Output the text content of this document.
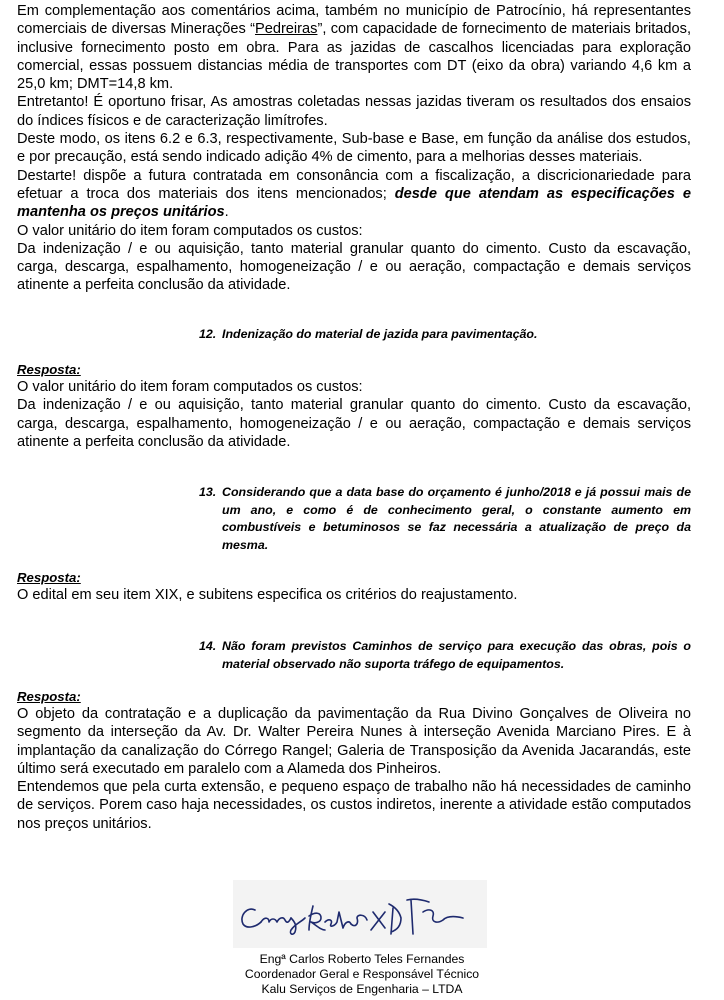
Em complementação aos comentários acima, também no município de Patrocínio, há representantes comerciais de diversas Minerações “Pedreiras”, com capacidade de fornecimento de materiais britados, inclusive fornecimento posto em obra. Para as jazidas de cascalhos licenciadas para exploração comercial, essas possuem distancias média de transportes com DT (eixo da obra) variando 4,6 km a 25,0 km; DMT=14,8 km.

Entretanto! É oportuno frisar, As amostras coletadas nessas jazidas tiveram os resultados dos ensaios do índices físicos e de caracterização limítrofes.

Deste modo, os itens 6.2 e 6.3, respectivamente, Sub-base e Base, em função da análise dos estudos, e por precaução, está sendo indicado adição 4% de cimento, para a melhorias desses materiais.

Destarte! dispõe a futura contratada em consonância com a fiscalização, a discricionariedade para efetuar a troca dos materiais dos itens mencionados; desde que atendam as especificações e mantenha os preços unitários.

O valor unitário do item foram computados os custos:

Da indenização / e ou aquisição, tanto material granular quanto do cimento. Custo da escavação, carga, descarga, espalhamento, homogeneização / e ou aeração, compactação e demais serviços atinente a perfeita conclusão da atividade.

12. Indenização do material de jazida para pavimentação.
Resposta:

O valor unitário do item foram computados os custos:

Da indenização / e ou aquisição, tanto material granular quanto do cimento. Custo da escavação, carga, descarga, espalhamento, homogeneização / e ou aeração, compactação e demais serviços atinente a perfeita conclusão da atividade.

13. Considerando que a data base do orçamento é junho/2018 e já possui mais de um ano, e como é de conhecimento geral, o constante aumento em combustíveis e betuminosos se faz necessária a atualização de preço da mesma.
Resposta:

O edital em seu item XIX, e subitens especifica os critérios do reajustamento.

14. Não foram previstos Caminhos de serviço para execução das obras, pois o material observado não suporta tráfego de equipamentos.
Resposta:

O objeto da contratação e a duplicação da pavimentação da Rua Divino Gonçalves de Oliveira no segmento da interseção da Av. Dr. Walter Pereira Nunes à interseção Avenida Marciano Pires. E à implantação da canalização do Córrego Rangel; Galeria de Transposição da Avenida Jacarandás, este último será executado em paralelo com a Alameda dos Pinheiros.

Entendemos que pela curta extensão, e pequeno espaço de trabalho não há necessidades de caminho de serviços. Porem caso haja necessidades, os custos indiretos, inerente a atividade estão computados nos preços unitários.

Engª Carlos Roberto Teles Fernandes
Coordenador Geral e Responsável Técnico
Kalu Serviços de Engenharia – LTDA
